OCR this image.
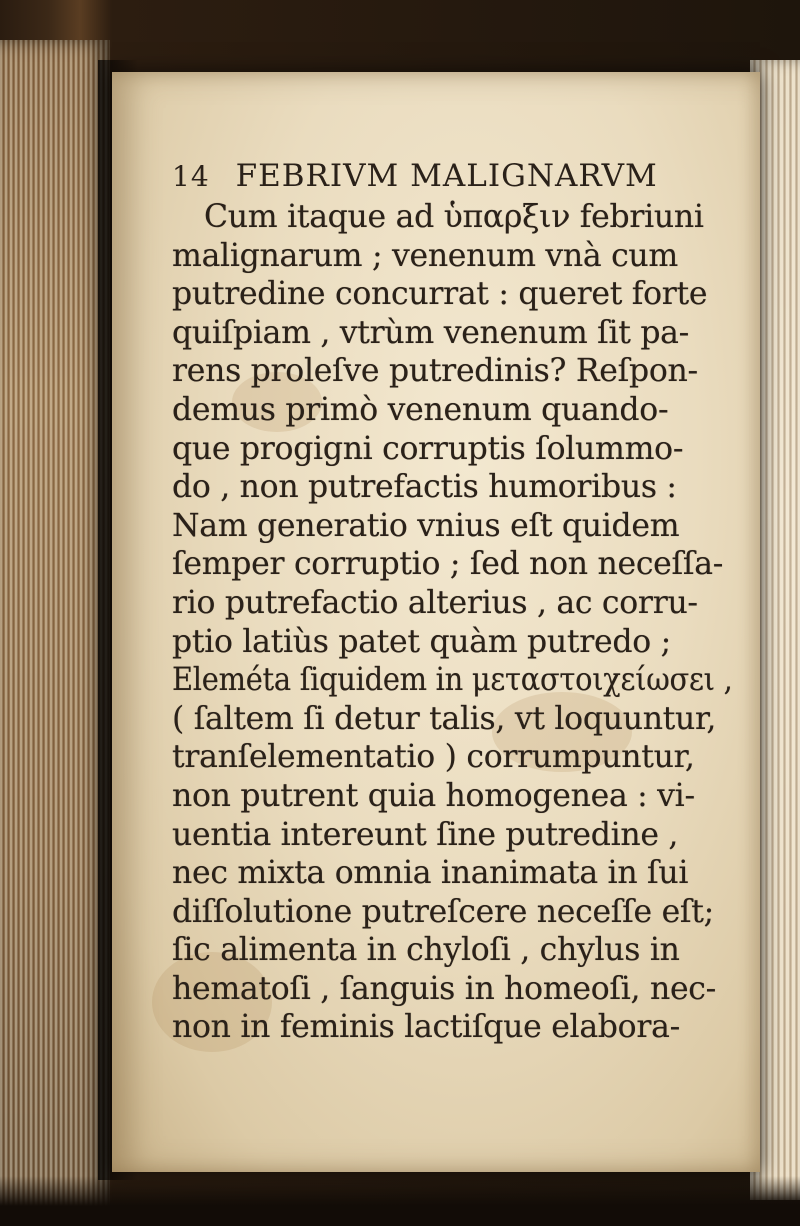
14 FEBRIVM MALIGNARVM
Cum itaque ad ὑπαρξιν febriuni
malignarum ; venenum vnà cum
putredine concurrat : queret forte
quiſpiam , vtrùm venenum ſit pa-
rens proleſve putredinis? Reſpon-
demus primò venenum quando-
que progigni corruptis ſolummo-
do , non putrefactis humoribus :
Nam generatio vnius eſt quidem
ſemper corruptio ; ſed non neceſſa-
rio putrefactio alterius , ac corru-
ptio latiùs patet quàm putredo ;
Eleméta ſiquidem in μεταστοιχείωσει ,
( ſaltem ſi detur talis, vt loquuntur,
tranſelementatio ) corrumpuntur,
non putrent quia homogenea : vi-
uentia intereunt ſine putredine ,
nec mixta omnia inanimata in ſui
diſſolutione putreſcere neceſſe eſt;
ſic alimenta in chyloſi , chylus in
hematoſi , ſanguis in homeoſi, nec-
non in feminis lactiſque elabora-
